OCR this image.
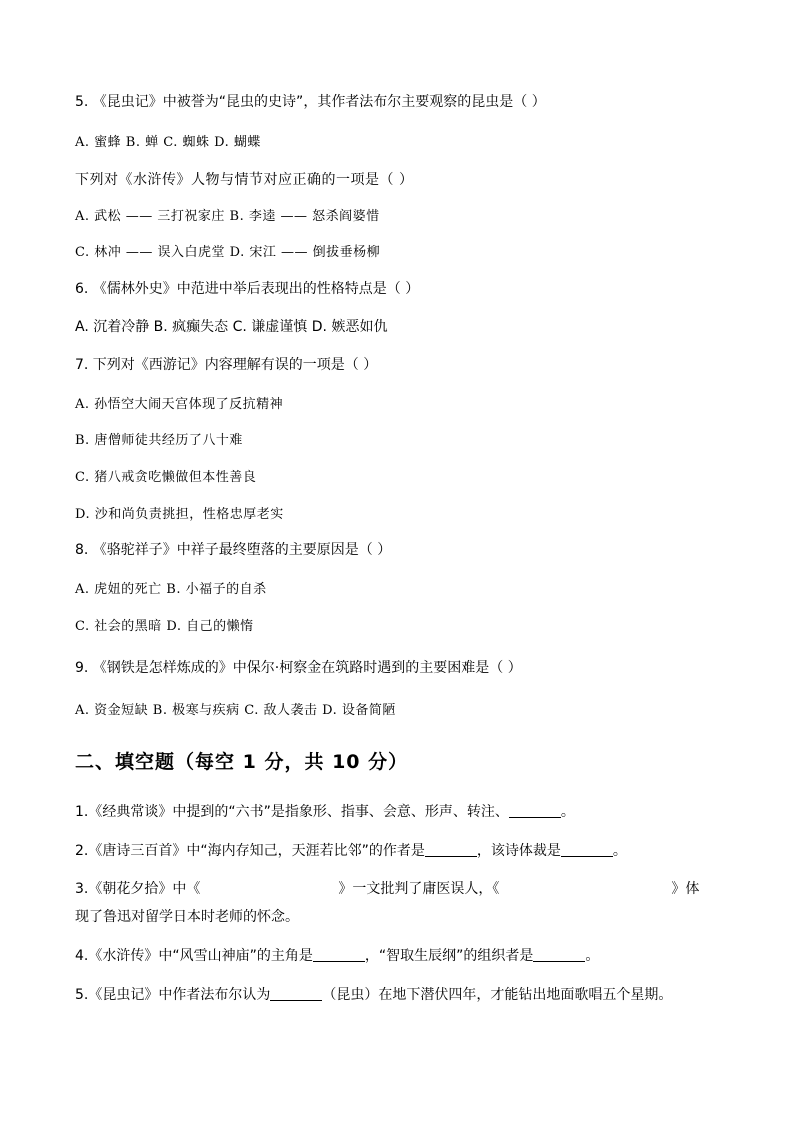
5. 《昆虫记》中被誉为“昆虫的史诗”，其作者法布尔主要观察的昆虫是（ ）
A. 蜜蜂 B. 蝉 C. 蜘蛛 D. 蝴蝶
下列对《水浒传》人物与情节对应正确的一项是（ ）
A. 武松 —— 三打祝家庄 B. 李逵 —— 怒杀阎婆惜
C. 林冲 —— 误入白虎堂 D. 宋江 —— 倒拔垂杨柳
6. 《儒林外史》中范进中举后表现出的性格特点是（ ）
A. 沉着冷静 B. 疯癫失态 C. 谦虚谨慎 D. 嫉恶如仇
7. 下列对《西游记》内容理解有误的一项是（ ）
A. 孙悟空大闹天宫体现了反抗精神
B. 唐僧师徒共经历了八十难
C. 猪八戒贪吃懒做但本性善良
D. 沙和尚负责挑担，性格忠厚老实
8. 《骆驼祥子》中祥子最终堕落的主要原因是（ ）
A. 虎妞的死亡 B. 小福子的自杀
C. 社会的黑暗 D. 自己的懒惰
9. 《钢铁是怎样炼成的》中保尔·柯察金在筑路时遇到的主要困难是（ ）
A. 资金短缺 B. 极寒与疾病 C. 敌人袭击 D. 设备简陋
二、填空题（每空 1 分，共 10 分）
1.《经典常谈》中提到的“六书”是指象形、指事、会意、形声、转注、	。
2.《唐诗三百首》中“海内存知己，天涯若比邻”的作者是	，该诗体裁是	。
3.《朝花夕拾》中《	》一文批判了庸医误人，《	》体
现了鲁迅对留学日本时老师的怀念。
4.《水浒传》中“风雪山神庙”的主角是	，“智取生辰纲”的组织者是	。
5.《昆虫记》中作者法布尔认为	（昆虫）在地下潜伏四年，才能钻出地面歌唱五个星期。
